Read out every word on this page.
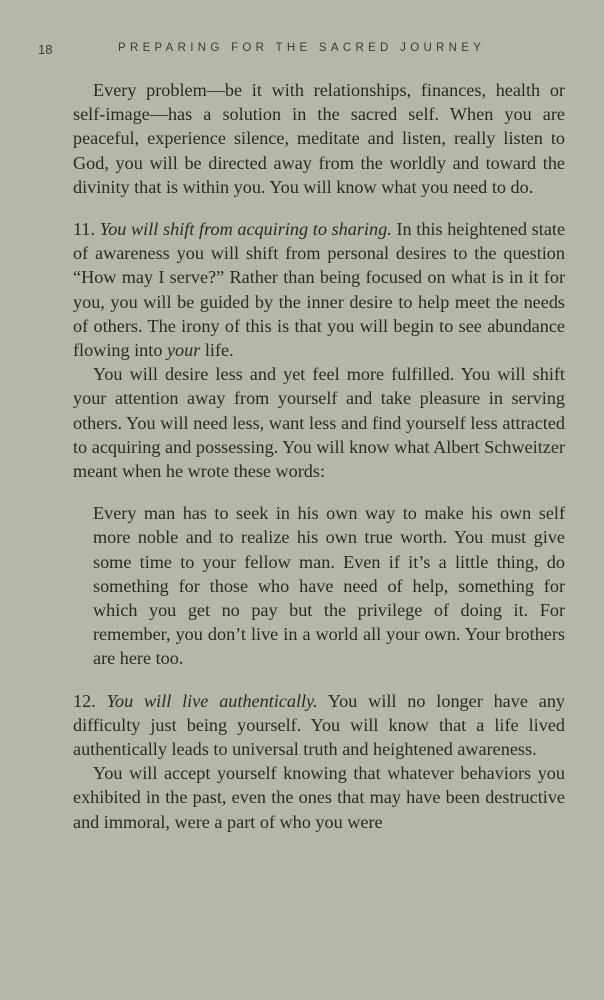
18	PREPARING FOR THE SACRED JOURNEY

Every problem—be it with relationships, finances, health or self-image—has a solution in the sacred self. When you are peaceful, experience silence, meditate and listen, really listen to God, you will be directed away from the worldly and toward the divinity that is within you. You will know what you need to do.

11. You will shift from acquiring to sharing. In this heightened state of awareness you will shift from personal desires to the question “How may I serve?” Rather than being focused on what is in it for you, you will be guided by the inner desire to help meet the needs of others. The irony of this is that you will begin to see abundance flowing into your life.

You will desire less and yet feel more fulfilled. You will shift your attention away from yourself and take pleasure in serving others. You will need less, want less and find yourself less attracted to acquiring and possessing. You will know what Albert Schweitzer meant when he wrote these words:

Every man has to seek in his own way to make his own self more noble and to realize his own true worth. You must give some time to your fellow man. Even if it’s a little thing, do something for those who have need of help, something for which you get no pay but the privilege of doing it. For remember, you don’t live in a world all your own. Your brothers are here too.

12. You will live authentically. You will no longer have any difficulty just being yourself. You will know that a life lived authentically leads to universal truth and heightened awareness.

You will accept yourself knowing that whatever behaviors you exhibited in the past, even the ones that may have been destructive and immoral, were a part of who you were
